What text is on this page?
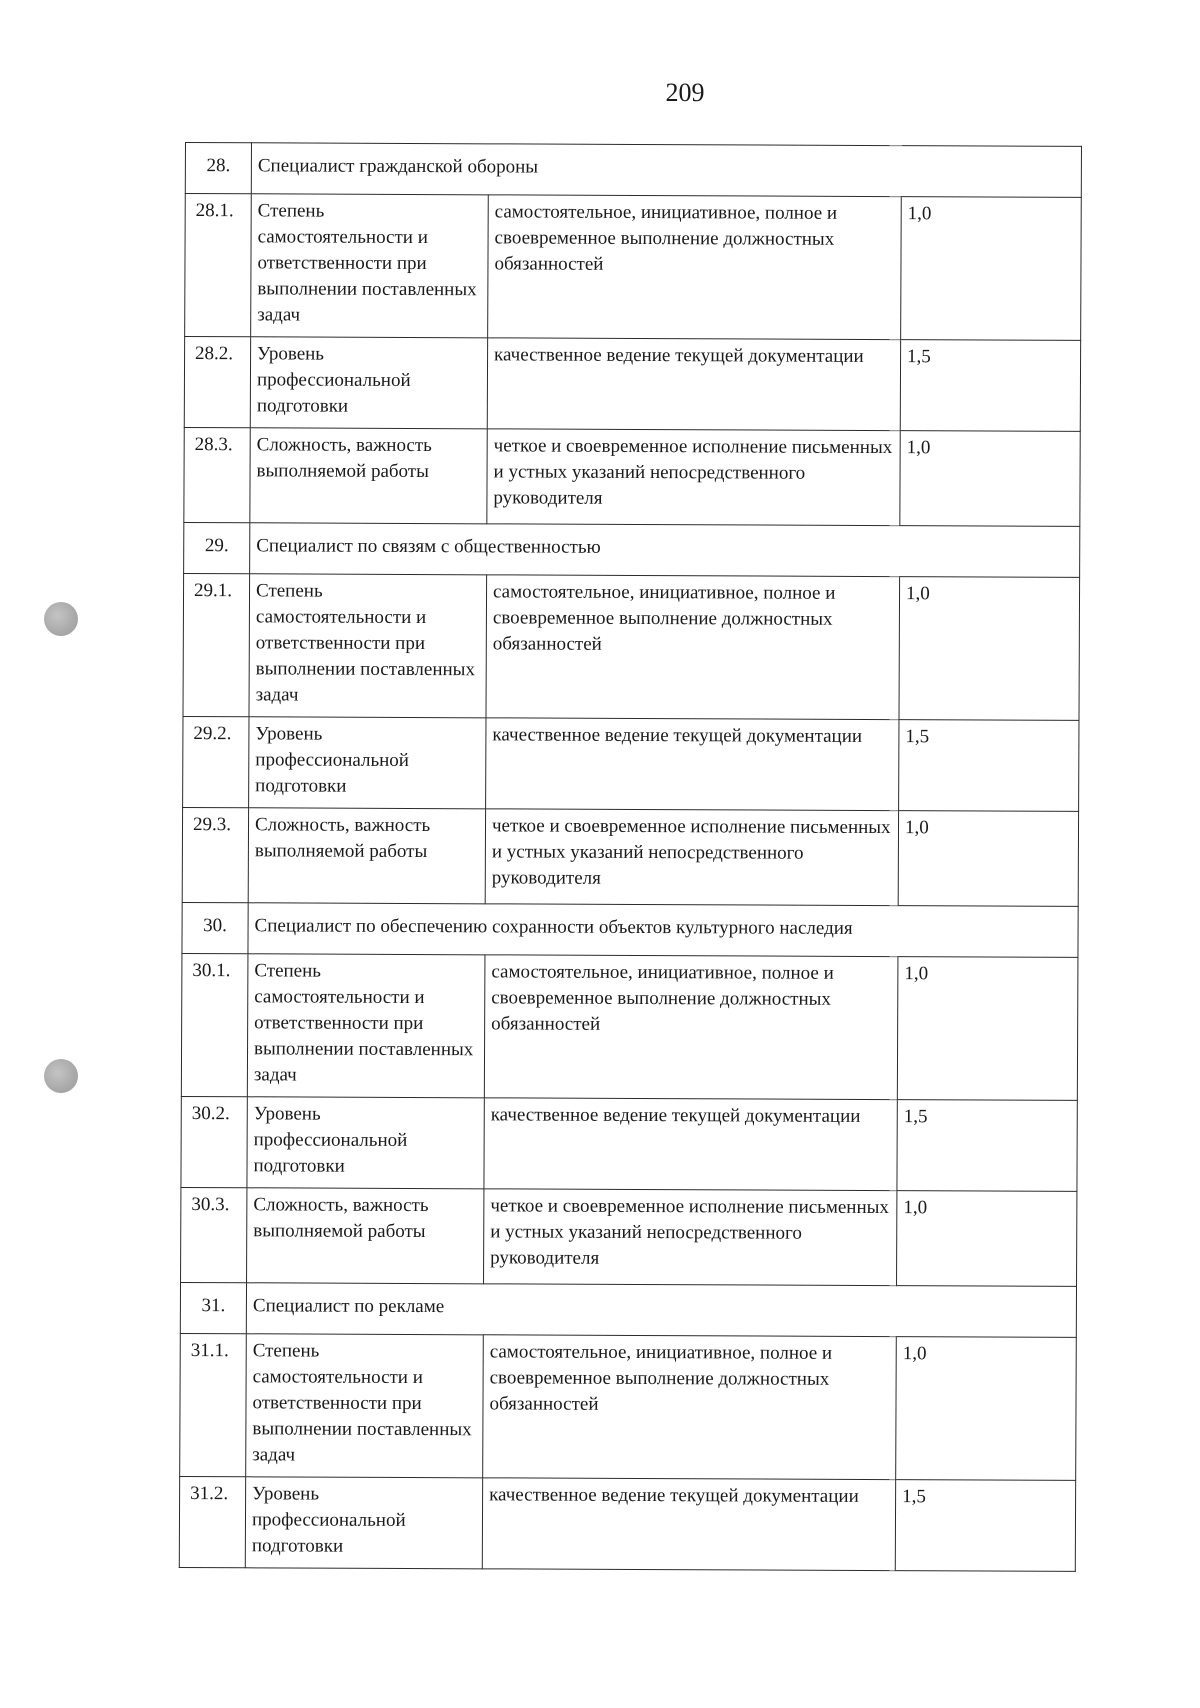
209
28.	Специалист гражданской обороны		
28.1.	Степень самостоятельности и ответственности при выполнении поставленных задач	самостоятельное, инициативное, полное и своевременное выполнение должностных обязанностей	1,0
28.2.	Уровень профессиональной подготовки	качественное ведение текущей документации	1,5
28.3.	Сложность, важность выполняемой работы	четкое и своевременное исполнение письменных и устных указаний непосредственного руководителя	1,0
29.	Специалист по связям с общественностью		
29.1.	Степень самостоятельности и ответственности при выполнении поставленных задач	самостоятельное, инициативное, полное и своевременное выполнение должностных обязанностей	1,0
29.2.	Уровень профессиональной подготовки	качественное ведение текущей документации	1,5
29.3.	Сложность, важность выполняемой работы	четкое и своевременное исполнение письменных и устных указаний непосредственного руководителя	1,0
30.	Специалист по обеспечению сохранности объектов культурного наследия		
30.1.	Степень самостоятельности и ответственности при выполнении поставленных задач	самостоятельное, инициативное, полное и своевременное выполнение должностных обязанностей	1,0
30.2.	Уровень профессиональной подготовки	качественное ведение текущей документации	1,5
30.3.	Сложность, важность выполняемой работы	четкое и своевременное исполнение письменных и устных указаний непосредственного руководителя	1,0
31.	Специалист по рекламе		
31.1.	Степень самостоятельности и ответственности при выполнении поставленных задач	самостоятельное, инициативное, полное и своевременное выполнение должностных обязанностей	1,0
31.2.	Уровень профессиональной подготовки	качественное ведение текущей документации	1,5
